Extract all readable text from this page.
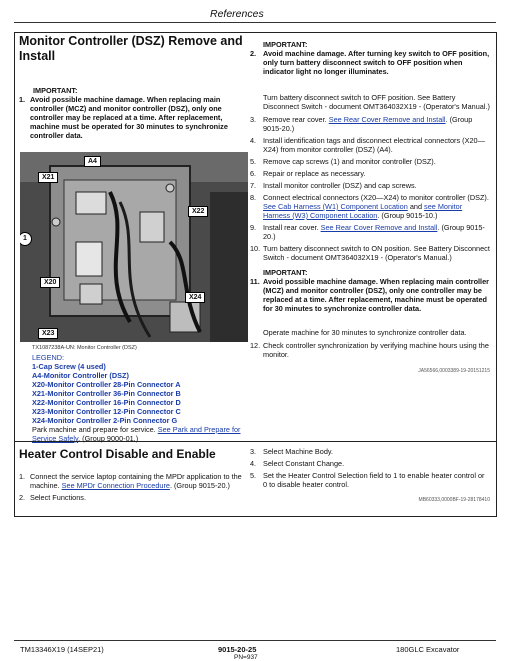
References
Monitor Controller (DSZ) Remove and
Install
IMPORTANT:
1. Avoid possible machine damage. When replacing main controller (MCZ) and monitor controller (DSZ), only one controller may be replaced at a time. After replacement, machine must be operated for 30 minutes to synchronize controller data.
A4
X21
X22
1
X20
X24
X23
TX1087238A-UN: Monitor Controller (DSZ)
LEGEND:
1-Cap Screw (4 used)
A4-Monitor Controller (DSZ)
X20-Monitor Controller 28-Pin Connector A
X21-Monitor Controller 36-Pin Connector B
X22-Monitor Controller 16-Pin Connector D
X23-Monitor Controller 12-Pin Connector C
X24-Monitor Controller 2-Pin Connector G
Park machine and prepare for service. See Park and Prepare for Service Safely. (Group 9000-01.)
IMPORTANT:
2. Avoid machine damage. After turning key switch to OFF position, only turn battery disconnect switch to OFF position when indicator light no longer illuminates.
Turn battery disconnect switch to OFF position. See Battery Disconnect Switch - document OMT364032X19 - (Operator's Manual.)
3. Remove rear cover. See Rear Cover Remove and Install. (Group 9015-20.)
4. Install identification tags and disconnect electrical connectors (X20—X24) from monitor controller (DSZ) (A4).
5. Remove cap screws (1) and monitor controller (DSZ).
6. Repair or replace as necessary.
7. Install monitor controller (DSZ) and cap screws.
8. Connect electrical connectors (X20—X24) to monitor controller (DSZ). See Cab Harness (W1) Component Location and see Monitor Harness (W3) Component Location. (Group 9015-10.)
9. Install rear cover. See Rear Cover Remove and Install. (Group 9015-20.)
10. Turn battery disconnect switch to ON position. See Battery Disconnect Switch - document OMT364032X19 - (Operator's Manual.)
IMPORTANT:
11. Avoid possible machine damage. When replacing main controller (MCZ) and monitor controller (DSZ), only one controller may be replaced at a time. After replacement, machine must be operated for 30 minutes to synchronize controller data.
Operate machine for 30 minutes to synchronize controller data.
12. Check controller synchronization by verifying machine hours using the monitor.
JA56566,0003389-19-20151215
Heater Control Disable and Enable
1. Connect the service laptop containing the MPDr application to the machine. See MPDr Connection Procedure. (Group 9015-20.)
2. Select Functions.
3. Select Machine Body.
4. Select Constant Change.
5. Set the Heater Control Selection field to 1 to enable heater control or 0 to disable heater control.
MB60333,0000BF-19-28178410
TM13346X19 (14SEP21)	9015-20-25	180GLC Excavator
PN=937
